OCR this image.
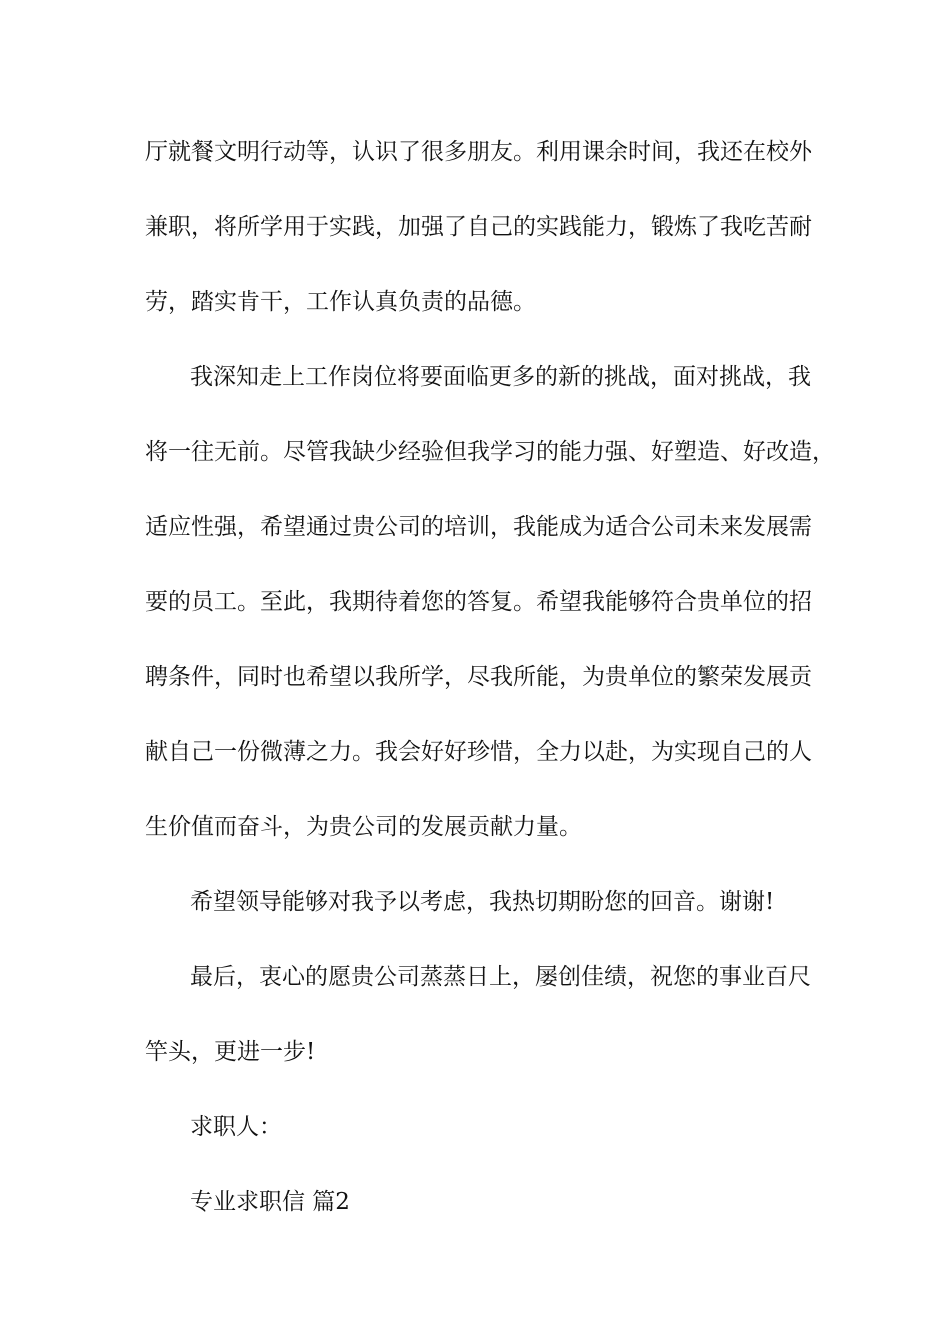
厅就餐文明行动等，认识了很多朋友。利用课余时间，我还在校外
兼职，将所学用于实践，加强了自己的实践能力，锻炼了我吃苦耐
劳，踏实肯干，工作认真负责的品德。
我深知走上工作岗位将要面临更多的新的挑战，面对挑战，我
将一往无前。尽管我缺少经验但我学习的能力强、好塑造、好改造，
适应性强，希望通过贵公司的培训，我能成为适合公司未来发展需
要的员工。至此，我期待着您的答复。希望我能够符合贵单位的招
聘条件，同时也希望以我所学，尽我所能，为贵单位的繁荣发展贡
献自己一份微薄之力。我会好好珍惜，全力以赴，为实现自己的人
生价值而奋斗，为贵公司的发展贡献力量。
希望领导能够对我予以考虑，我热切期盼您的回音。谢谢!
最后，衷心的愿贵公司蒸蒸日上，屡创佳绩，祝您的事业百尺
竿头，更进一步!
求职人：
专业求职信 篇2
